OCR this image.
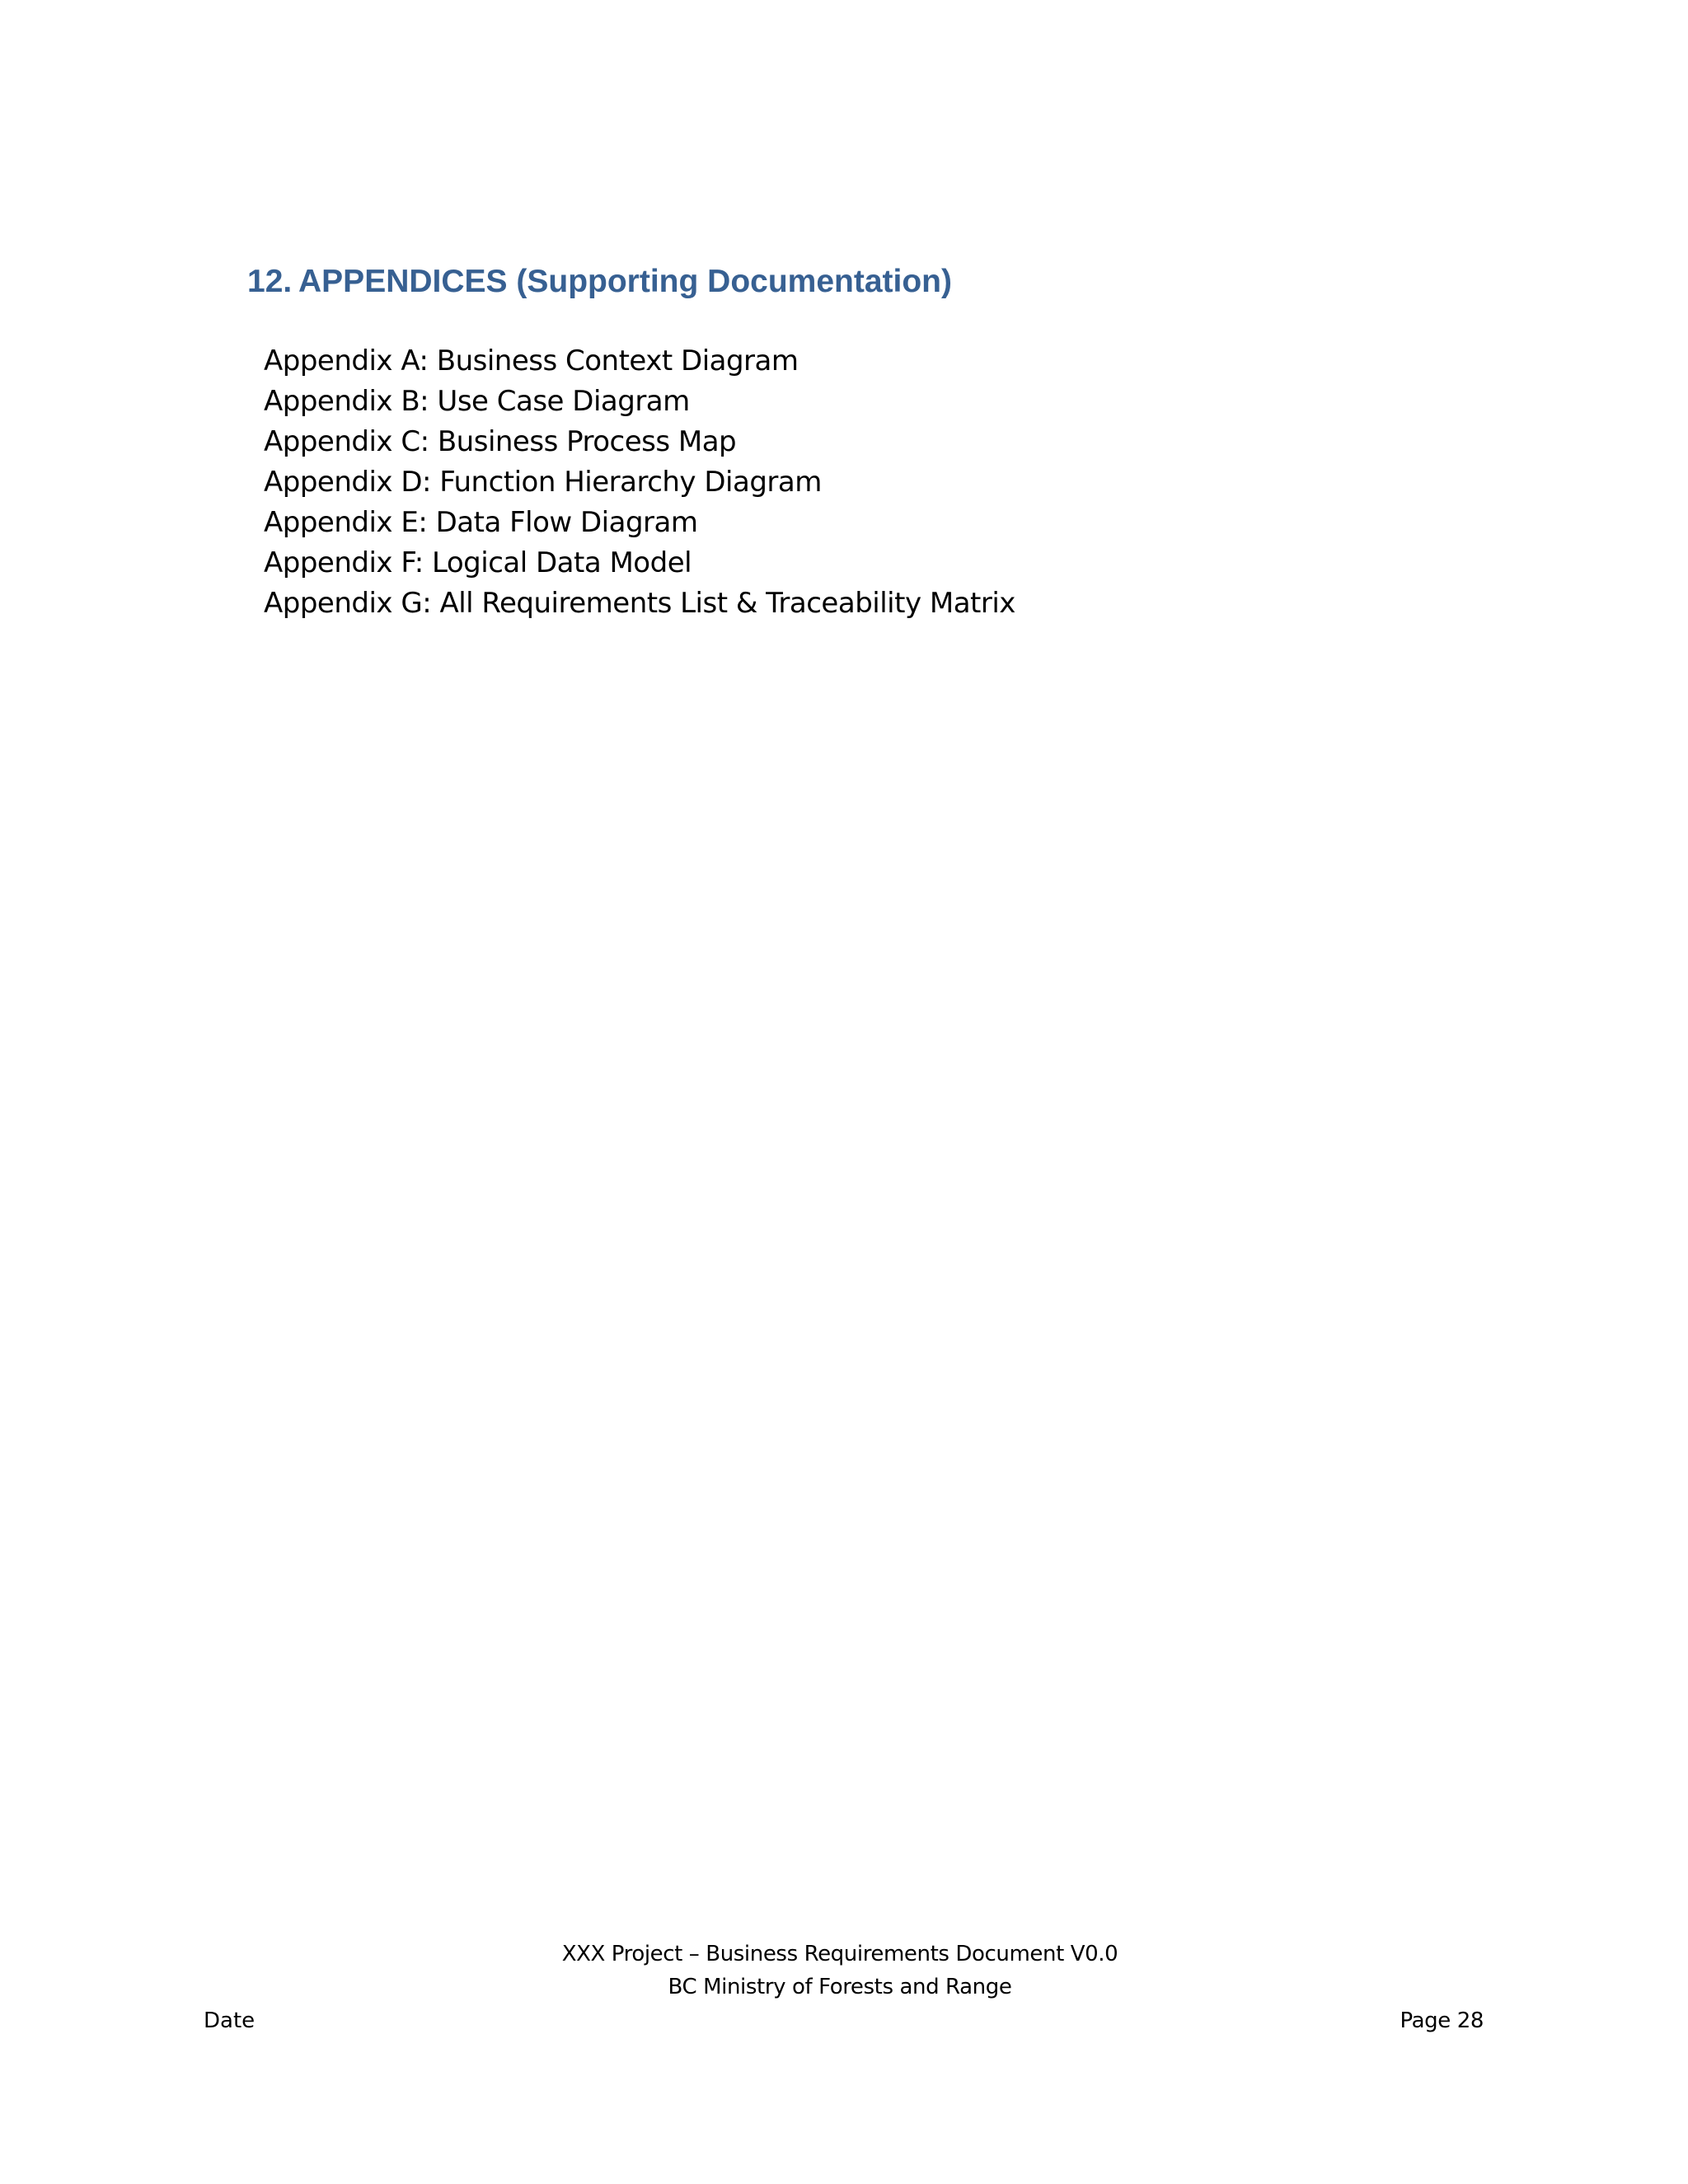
12. APPENDICES (Supporting Documentation)
Appendix A: Business Context Diagram
Appendix B: Use Case Diagram
Appendix C: Business Process Map
Appendix D: Function Hierarchy Diagram
Appendix E: Data Flow Diagram
Appendix F: Logical Data Model
Appendix G: All Requirements List & Traceability Matrix
XXX Project – Business Requirements Document V0.0
BC Ministry of Forests and Range
Date	Page 28
